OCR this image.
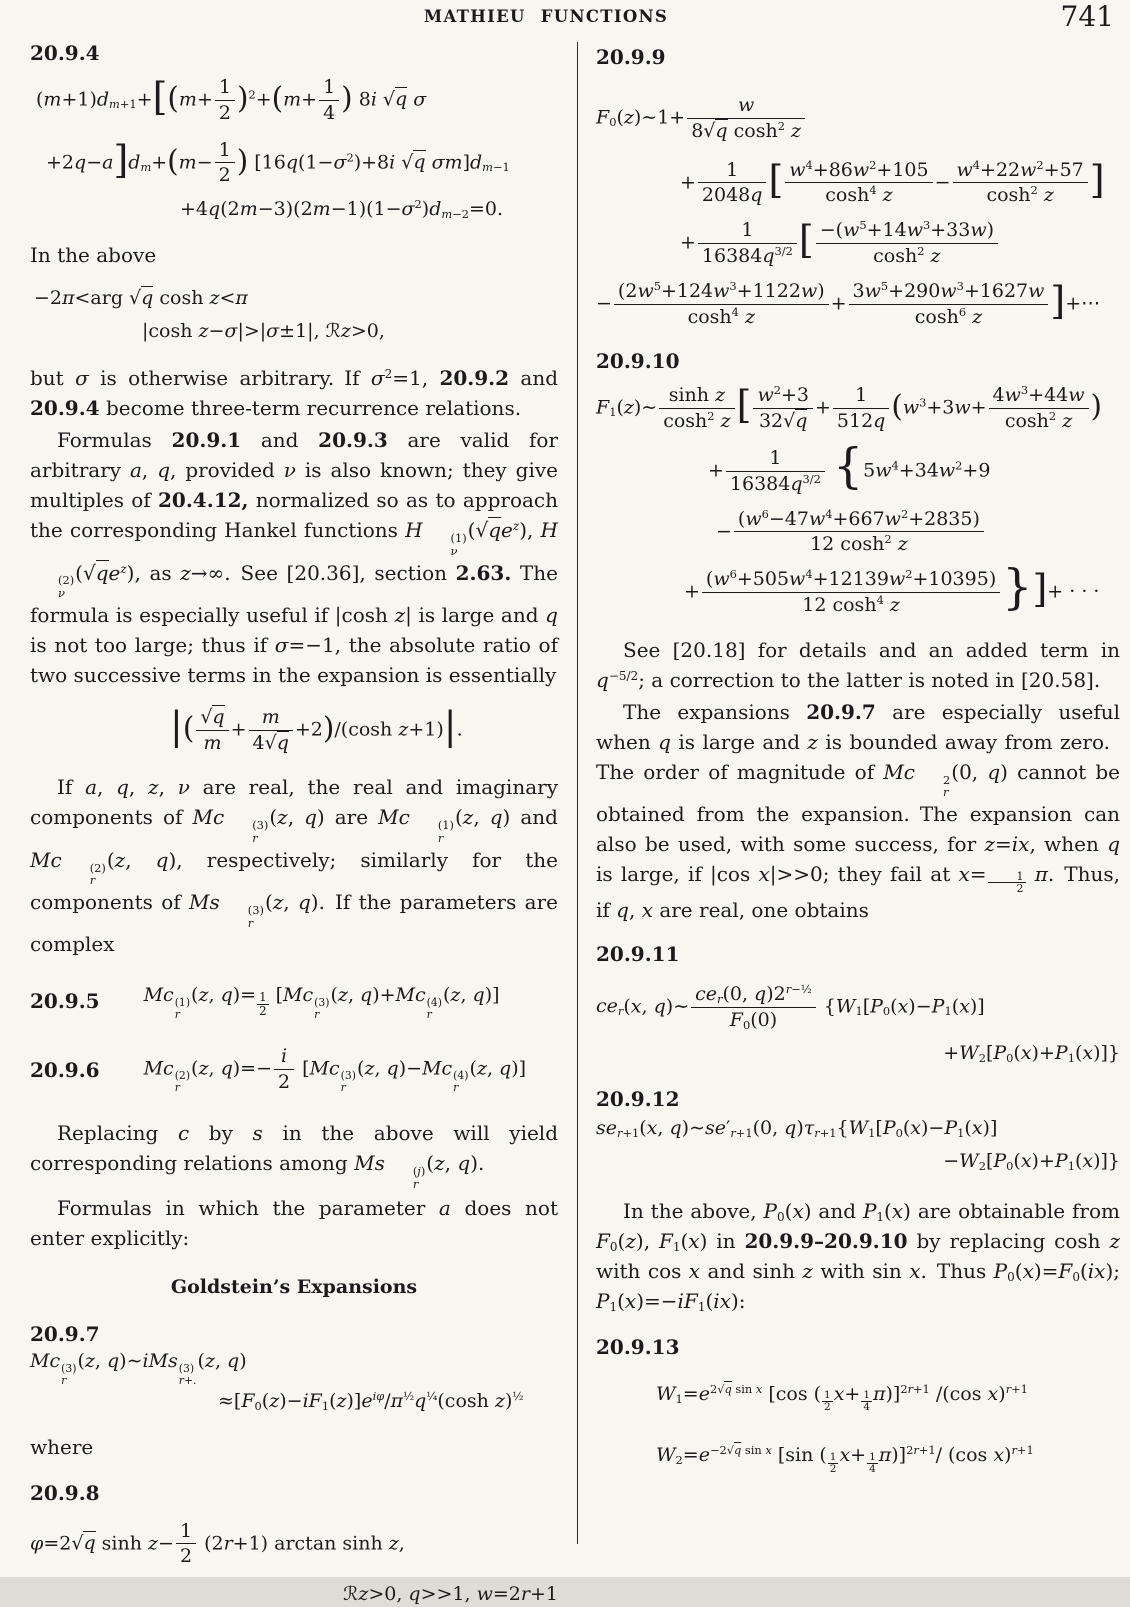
MATHIEU FUNCTIONS	741
20.9.4
$(m+1)d_{m+1}+[(m+ \frac{1}{2} )^2+(m+ \frac{1}{4}$ ) 8i √q σ
$+2q-a]d_m+(m- \frac{1}{2}$ ) [$16q(1-\sigma^2)+8i$ √q $\sigma m]d_{m-1}$
$+4q(2m-3)(2m-1)(1-\sigma^2)d_{m-2}=0$.
In the above
−2π<arg √q cosh z<π
|cosh z−σ|>|σ±1|, ℛz>0,
but σ is otherwise arbitrary. If $\sigma^2=1$, 20.9.2 and 20.9.4 become three-term recurrence relations.
Formulas 20.9.1 and 20.9.3 are valid for arbitrary a, q, provided ν is also known; they give multiples of 20.4.12, normalized so as to approach the corresponding Hankel functions H	(1)
ν
$(√qe^z)$, H
(2)
ν
$(√qe^z)$, as z→∞. See [20.36], section 2.63. The formula is especially useful if |cosh z| is large and q is not too large; thus if σ=−1, the absolute ratio of two successive terms in the expansion is essentially
|( $\frac{√q}{m} + \frac{m}{4√q} +2)/(\cosh$ z+1)|.
If a, q, z, ν are real, the real and imaginary components of Mc	(3)
r
(z, q) are Mc	(1)
r
(z, q) and Mc	(2)
r
(z, q), respectively; similarly for the components of Ms	(3)
r
(z, q). If the parameters are complex
20.9.5 Mc (1)
r
(z, $q)= \frac{1}{2} [Mc$ (3)
r
(z, q)+Mc (4)
r
(z, q)]
20.9.6 Mc (2)
r
(z, $q)=- \frac{i}{2} [Mc$ (3)
r
(z, q)−Mc (4)
r
(z, q)]
Replacing c by s in the above will yield corresponding relations among Ms	(j)
r
(z, q).
Formulas in which the parameter a does not enter explicitly:
Goldstein’s Expansions
20.9.7
Mc (3)
r
(z, q)∼iMs (3)
r+.
(z, q)
$\approx[F_0(z)-iF_1(z)]e^{i\varphi}/\pi^{\frac{1}{2}}q^{\frac{1}{4}}(\cosh$ z)$^{\frac{1}{2}}$
where
20.9.8
φ=2√q $\sinh z- \frac{1}{2} (2r+1)$ arctan sinh z,
ℛz>0, q>>1, w=2r+1
20.9.9
$F_0(z)\sim 1+ \frac{w}{8√q \cosh^2 z}$
+ $\frac{1}{2048q}$ [ $\frac{w^4+86w^2+105}{\cosh^4 z} - \frac{w^4+22w^2+57}{\cosh^2 z}$ ]
+ $\frac{1}{16384q^{3/2}}$ [ $\frac{-(w^5+14w^3+33w)}{\cosh^2 z}$
− $\frac{(2w^5+124w^3+1122w)}{\cosh^4 z} + \frac{3w^5+290w^3+1627w}{\cosh^6 z}$ ]+⋯
20.9.10
$F_1(z)\sim \frac{\text{sinh z}}{\cosh^2 z}$ [ $\frac{w^2+3}{32√q} + \frac{1}{512q} (w^3+3w+ \frac{4w^3+44w}{\cosh^2 z}$ )
+ $\frac{1}{16384q^{3/2}} \{5w^4+34w^2+9$
− $\frac{(w^6-47w^4+667w^2+2835)}{12 \cosh^2 z}$
+ $\frac{(w^6+505w^4+12139w^2+10395)}{12 \cosh^4 z}$ }]+ · · ·
See [20.18] for details and an added term in $q^{-5/2}$; a correction to the latter is noted in [20.58].
The expansions 20.9.7 are especially useful when q is large and z is bounded away from zero. The order of magnitude of Mc	2
r
(0, q) cannot be obtained from the expansion. The expansion can also be used, with some success, for z=ix, when q is large, if |cos x|>>0; they fail at $x= \frac{1}{2} \pi$. Thus, if q, x are real, one obtains
20.9.11
$ce_r(x$, q)∼
$ce_r(0$, $q)2^{r-\frac{1}{2}}$
$F_0(0)$
{$W_1[P_0(x)-P_1(x)]$
$+W_2[P_0(x)+P_1(x)]$}
20.9.12
$se_{r+1}(x$, $q)\sim se'_{r+1}(0$, $q)\tau_{r+1}\{W_1[P_0(x)-P_1(x)]$
$-W_2[P_0(x)+P_1(x)]$}
In the above, $P_0(x)$ and $P_1(x)$ are obtainable from $F_0(z)$, $F_1(x)$ in 20.9.9–20.9.10 by replacing cosh z with cos x and sinh z with sin x. Thus $P_0(x)=F_0(ix)$; $P_1(x)=-iF_1(ix)$:
20.9.13
$W_1=e^{2√q sin x}$ [cos ( $\frac{1}{2} x+ \frac{1}{4} \pi)]^{2r+1}$ /(cos x)$^{r+1}$
$W_2=e^{-2√q sin x}$ [sin ( $\frac{1}{2} x+ \frac{1}{4} \pi)]^{2r+1}/$ (cos x)$^{r+1}$
